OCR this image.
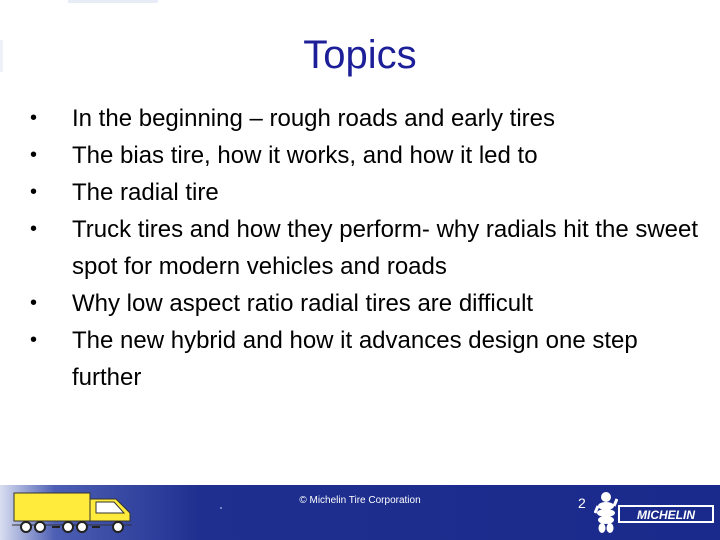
Topics
• In the beginning – rough roads and early tires
• The bias tire, how it works, and how it led to
• The radial tire
• Truck tires and how they perform- why radials hit the sweet spot for modern vehicles and roads
• Why low aspect ratio radial tires are difficult
• The new hybrid and how it advances design one step further
© Michelin Tire Corporation	2
MICHELIN
